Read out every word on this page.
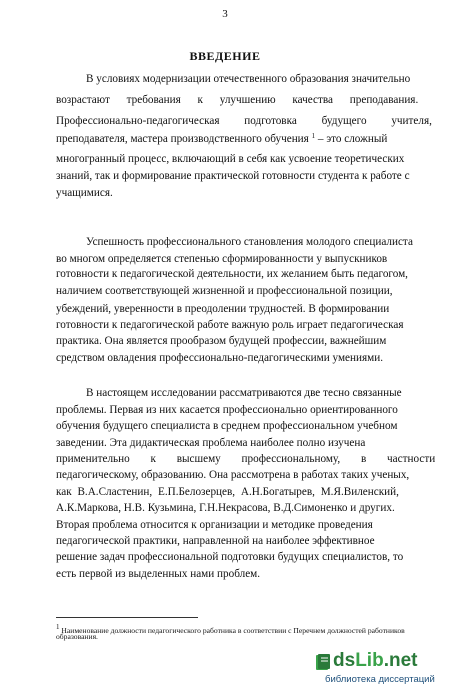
3
ВВЕДЕНИЕ
В условиях модернизации отечественного образования значительно
возрастают требования к улучшению качества преподавания.
Профессионально-педагогическая подготовка будущего учителя,
преподавателя, мастера производственного обучения $^1$ – это сложный
многогранный процесс, включающий в себя как усвоение теоретических
знаний, так и формирование практической готовности студента к работе с
учащимися.
Успешность профессионального становления молодого специалиста
во многом определяется степенью сформированности у выпускников
готовности к педагогической деятельности, их желанием быть педагогом,
наличием соответствующей жизненной и профессиональной позиции,
убеждений, уверенности в преодолении трудностей. В формировании
готовности к педагогической работе важную роль играет педагогическая
практика. Она является прообразом будущей профессии, важнейшим
средством овладения профессионально-педагогическими умениями.
В настоящем исследовании рассматриваются две тесно связанные
проблемы. Первая из них касается профессионально ориентированного
обучения будущего специалиста в среднем профессиональном учебном
заведении. Эта дидактическая проблема наиболее полно изучена
применительно к высшему профессиональному, в частности
педагогическому, образованию. Она рассмотрена в работах таких ученых,
как В.А.Сластенин, Е.П.Белозерцев, А.Н.Богатырев, М.Я.Виленский,
А.К.Маркова, Н.В. Кузьмина, Г.Н.Некрасова, В.Д.Симоненко и других.
Вторая проблема относится к организации и методике проведения
педагогической практики, направленной на наиболее эффективное
решение задач профессиональной подготовки будущих специалистов, то
есть первой из выделенных нами проблем.
1 Наименование должности педагогического работника в соответствии с Перечнем должностей работников
образования.
dsLib.net
библиотека диссертаций
